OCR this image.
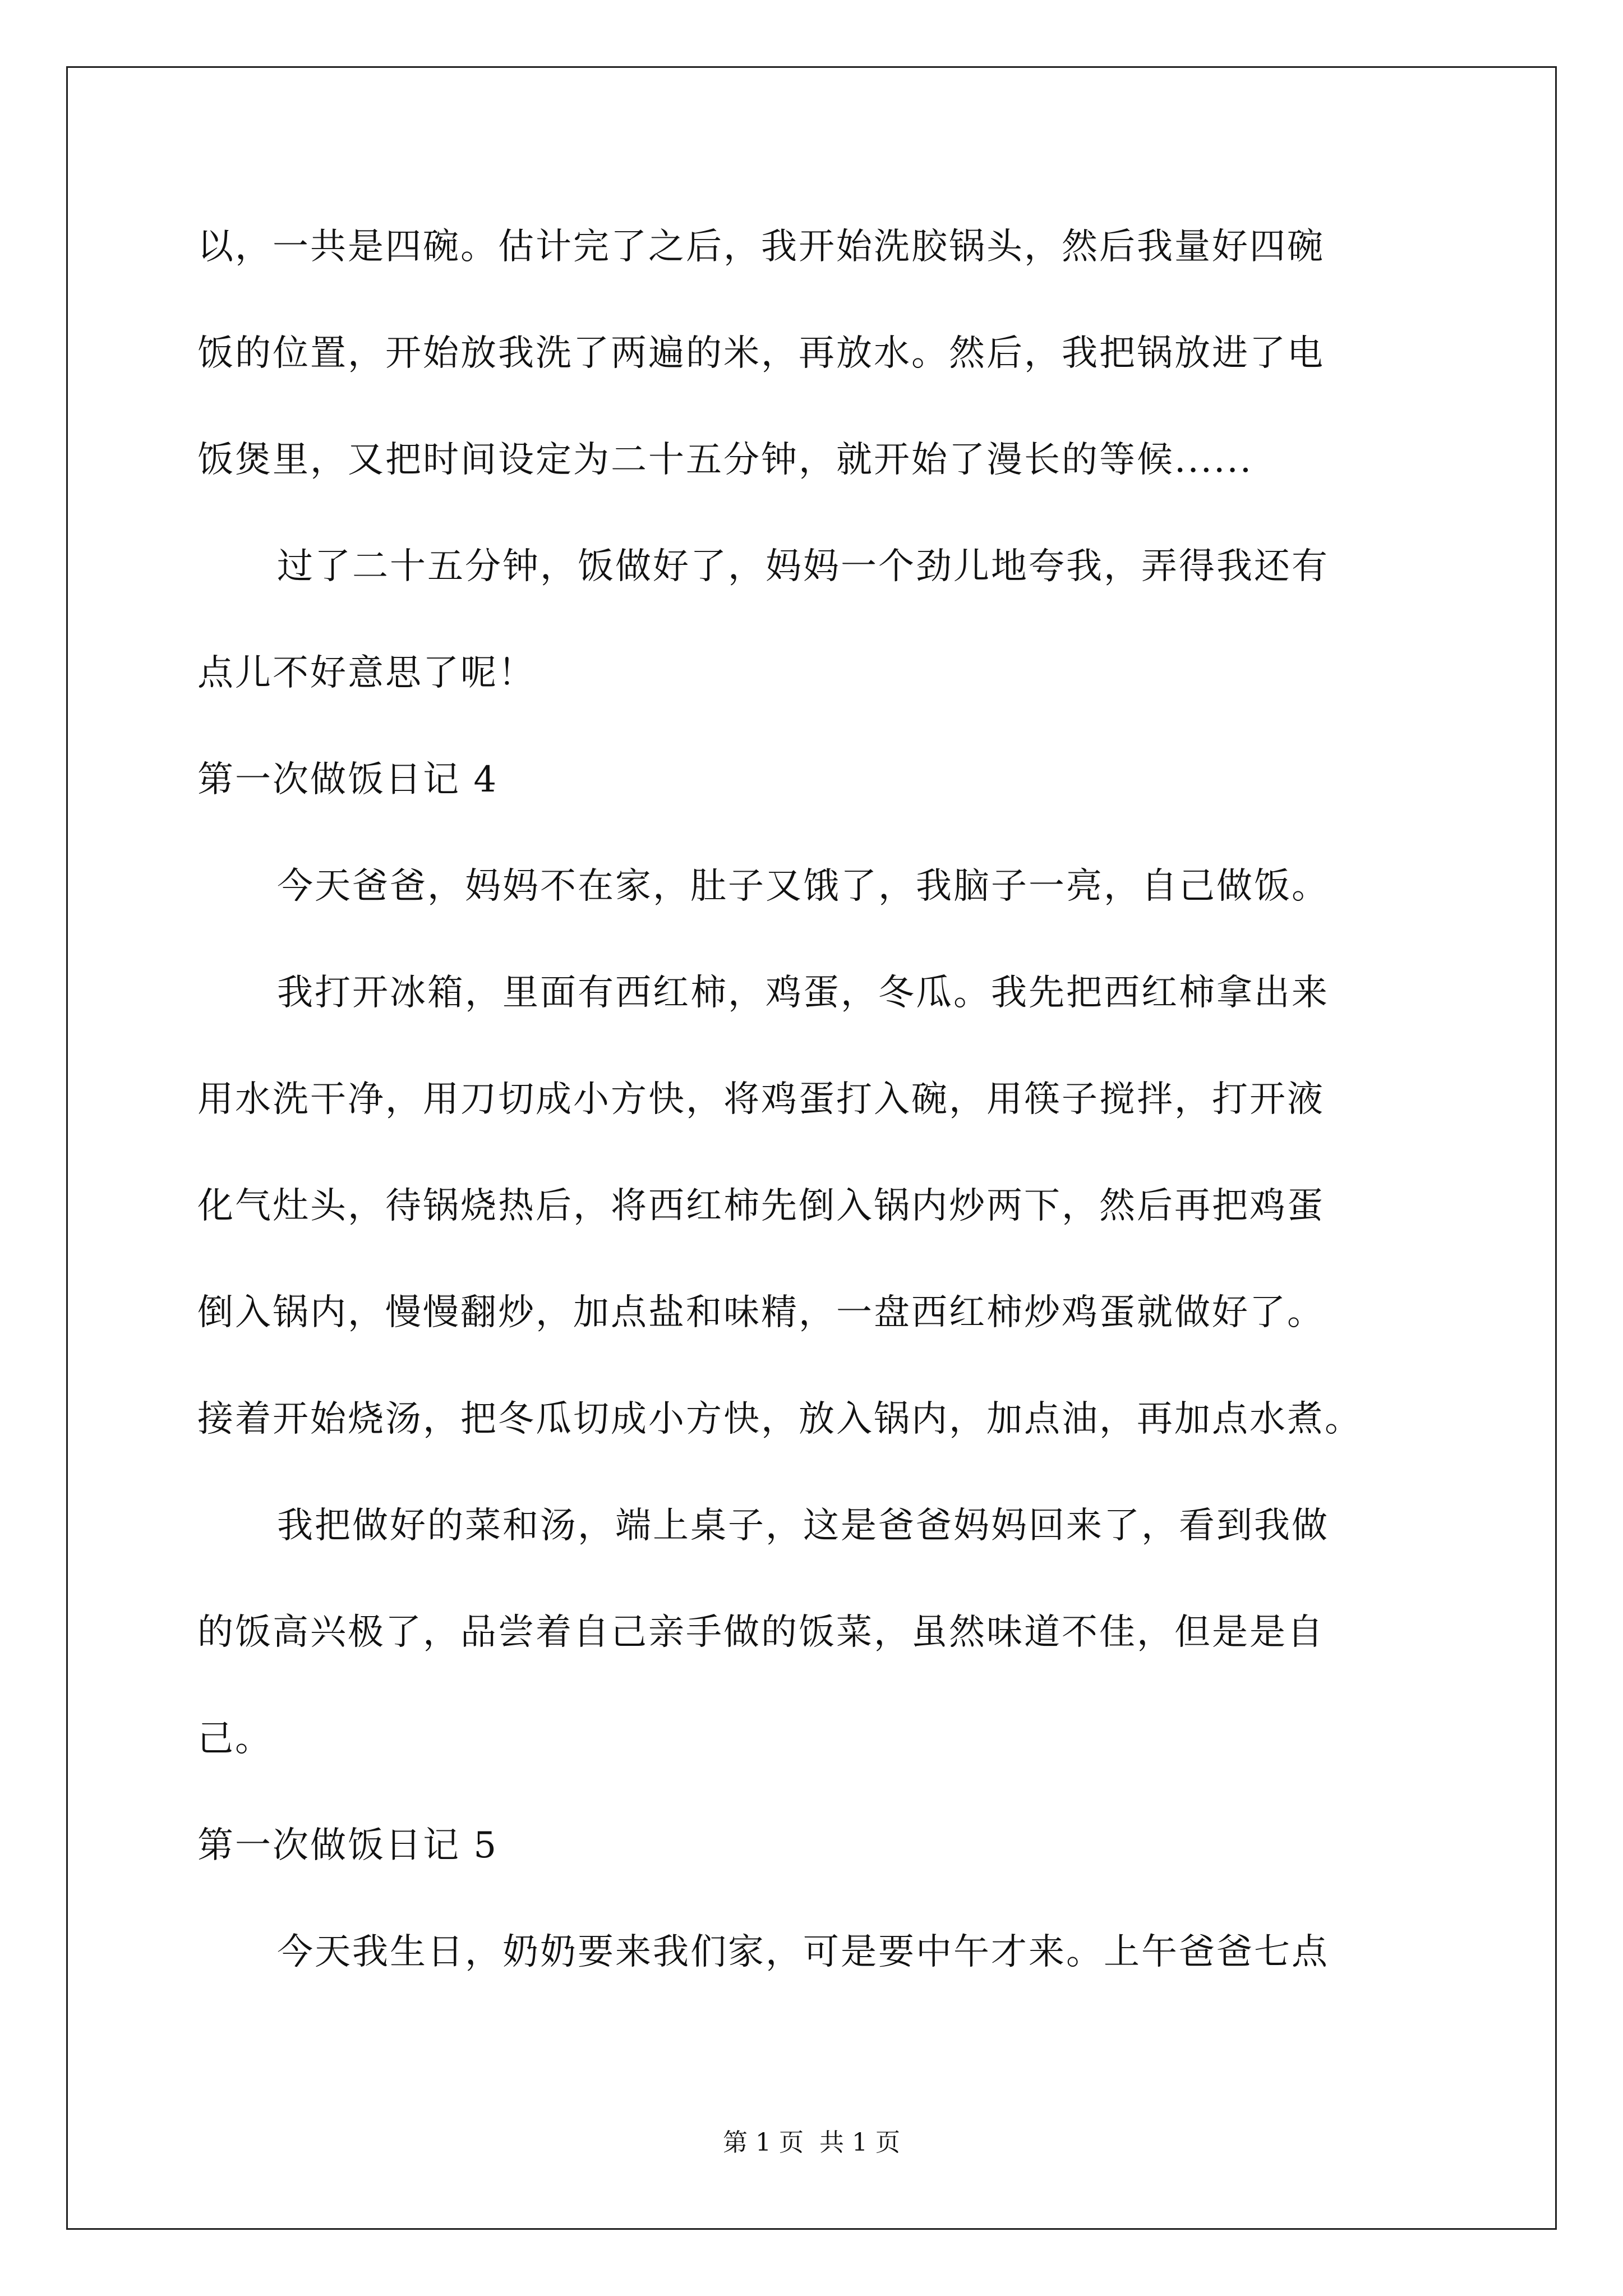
以，一共是四碗。估计完了之后，我开始洗胶锅头，然后我量好四碗

饭的位置，开始放我洗了两遍的米，再放水。然后，我把锅放进了电

饭煲里，又把时间设定为二十五分钟，就开始了漫长的等候......

过了二十五分钟，饭做好了，妈妈一个劲儿地夸我，弄得我还有

点儿不好意思了呢！

第一次做饭日记 4

今天爸爸，妈妈不在家，肚子又饿了，我脑子一亮，自己做饭。

我打开冰箱，里面有西红柿，鸡蛋，冬瓜。我先把西红柿拿出来

用水洗干净，用刀切成小方快，将鸡蛋打入碗，用筷子搅拌，打开液

化气灶头，待锅烧热后，将西红柿先倒入锅内炒两下，然后再把鸡蛋

倒入锅内，慢慢翻炒，加点盐和味精，一盘西红柿炒鸡蛋就做好了。

接着开始烧汤，把冬瓜切成小方快，放入锅内，加点油，再加点水煮。

我把做好的菜和汤，端上桌子，这是爸爸妈妈回来了，看到我做

的饭高兴极了，品尝着自己亲手做的饭菜，虽然味道不佳，但是是自

己。

第一次做饭日记 5

今天我生日，奶奶要来我们家，可是要中午才来。上午爸爸七点

第 1 页 共 1 页
